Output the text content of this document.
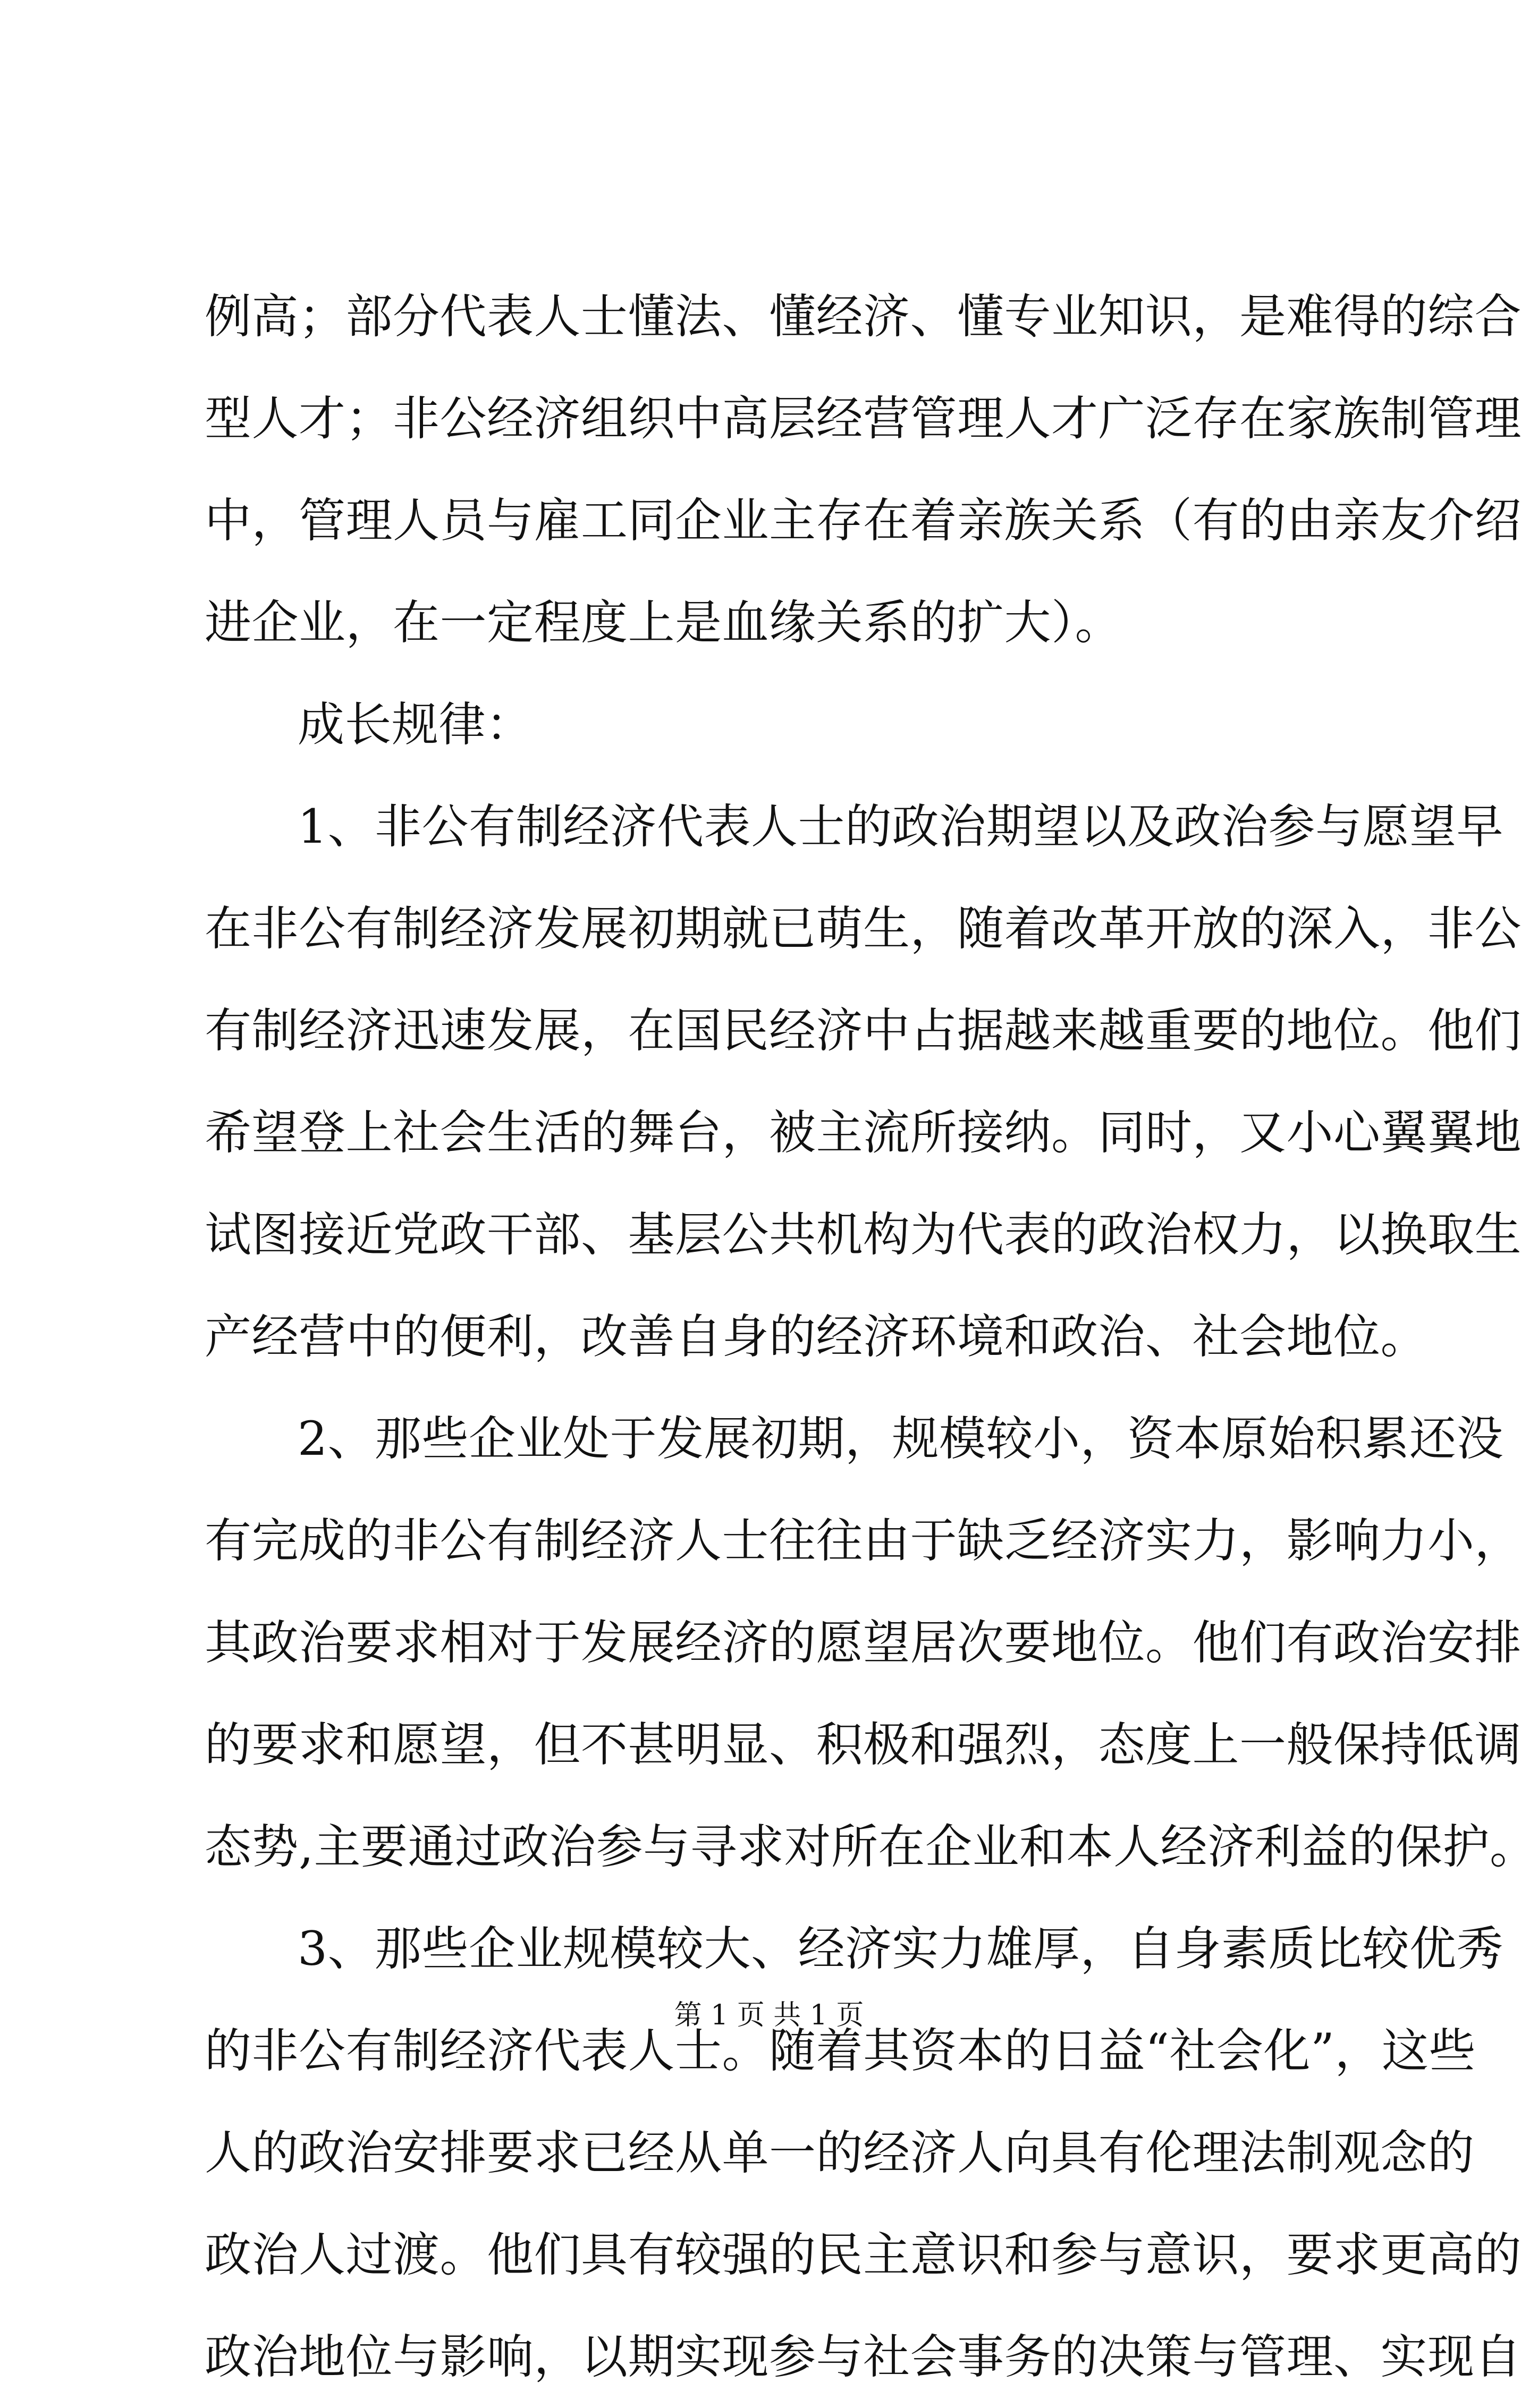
例高；部分代表人士懂法、懂经济、懂专业知识，是难得的综合
型人才；非公经济组织中高层经营管理人才广泛存在家族制管理
中，管理人员与雇工同企业主存在着亲族关系（有的由亲友介绍
进企业，在一定程度上是血缘关系的扩大）。
成长规律：
1、非公有制经济代表人士的政治期望以及政治参与愿望早
在非公有制经济发展初期就已萌生，随着改革开放的深入，非公
有制经济迅速发展，在国民经济中占据越来越重要的地位。他们
希望登上社会生活的舞台，被主流所接纳。同时，又小心翼翼地
试图接近党政干部、基层公共机构为代表的政治权力，以换取生
产经营中的便利，改善自身的经济环境和政治、社会地位。
2、那些企业处于发展初期，规模较小，资本原始积累还没
有完成的非公有制经济人士往往由于缺乏经济实力，影响力小，
其政治要求相对于发展经济的愿望居次要地位。他们有政治安排
的要求和愿望，但不甚明显、积极和强烈，态度上一般保持低调
态势,主要通过政治参与寻求对所在企业和本人经济利益的保护。
3、那些企业规模较大、经济实力雄厚，自身素质比较优秀
的非公有制经济代表人士。随着其资本的日益“社会化”，这些
人的政治安排要求已经从单一的经济人向具有伦理法制观念的
政治人过渡。他们具有较强的民主意识和参与意识，要求更高的
政治地位与影响，以期实现参与社会事务的决策与管理、实现自
第 1 页 共 1 页
